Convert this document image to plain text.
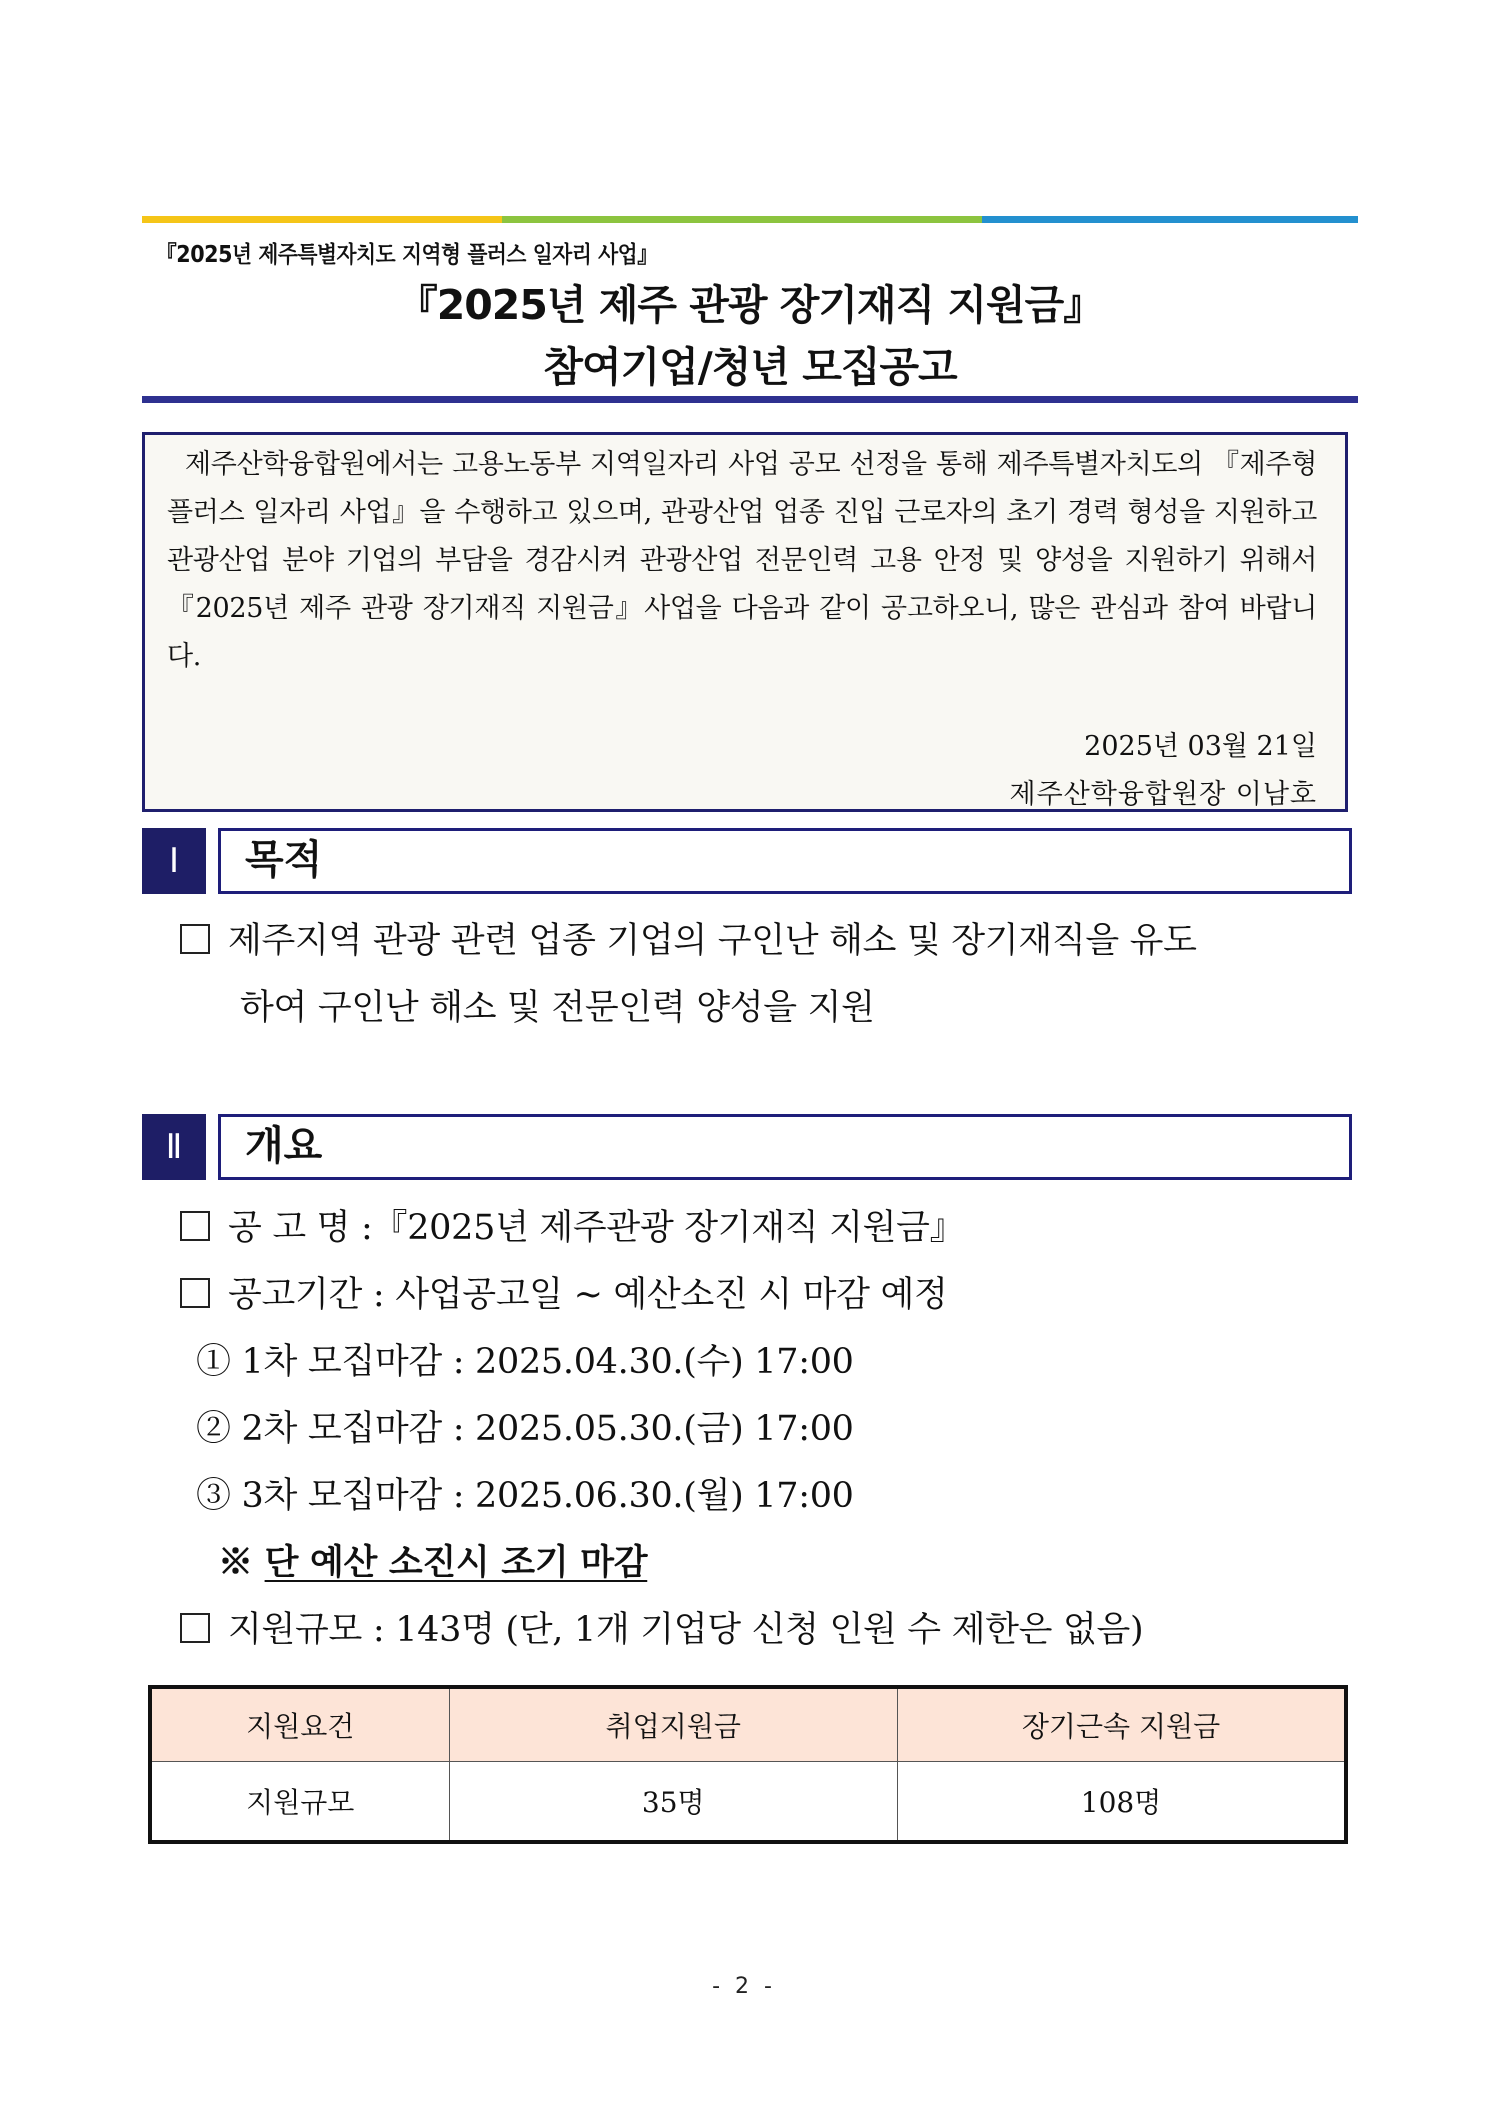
『2025년 제주특별자치도 지역형 플러스 일자리 사업』
『2025년 제주 관광 장기재직 지원금』
참여기업/청년 모집공고

제주산학융합원에서는 고용노동부 지역일자리 사업 공모 선정을 통해 제주특별자치도의 『제주형 플러스 일자리 사업』을 수행하고 있으며, 관광산업 업종 진입 근로자의 초기 경력 형성을 지원하고 관광산업 분야 기업의 부담을 경감시켜 관광산업 전문인력 고용 안정 및 양성을 지원하기 위해서『2025년 제주 관광 장기재직 지원금』사업을 다음과 같이 공고하오니, 많은 관심과 참여 바랍니다.

2025년 03월 21일
제주산학융합원장 이남호
Ⅰ	목적
제주지역 관광 관련 업종 기업의 구인난 해소 및 장기재직을 유도
하여 구인난 해소 및 전문인력 양성을 지원
Ⅱ	개요
공 고 명 :『2025년 제주관광 장기재직 지원금』
공고기간 : 사업공고일 ~ 예산소진 시 마감 예정
① 1차 모집마감 : 2025.04.30.(수) 17:00
② 2차 모집마감 : 2025.05.30.(금) 17:00
③ 3차 모집마감 : 2025.06.30.(월) 17:00
※ 단 예산 소진시 조기 마감
지원규모 : 143명 (단, 1개 기업당 신청 인원 수 제한은 없음)
지원요건	취업지원금	장기근속 지원금
지원규모	35명	108명
- 2 -
